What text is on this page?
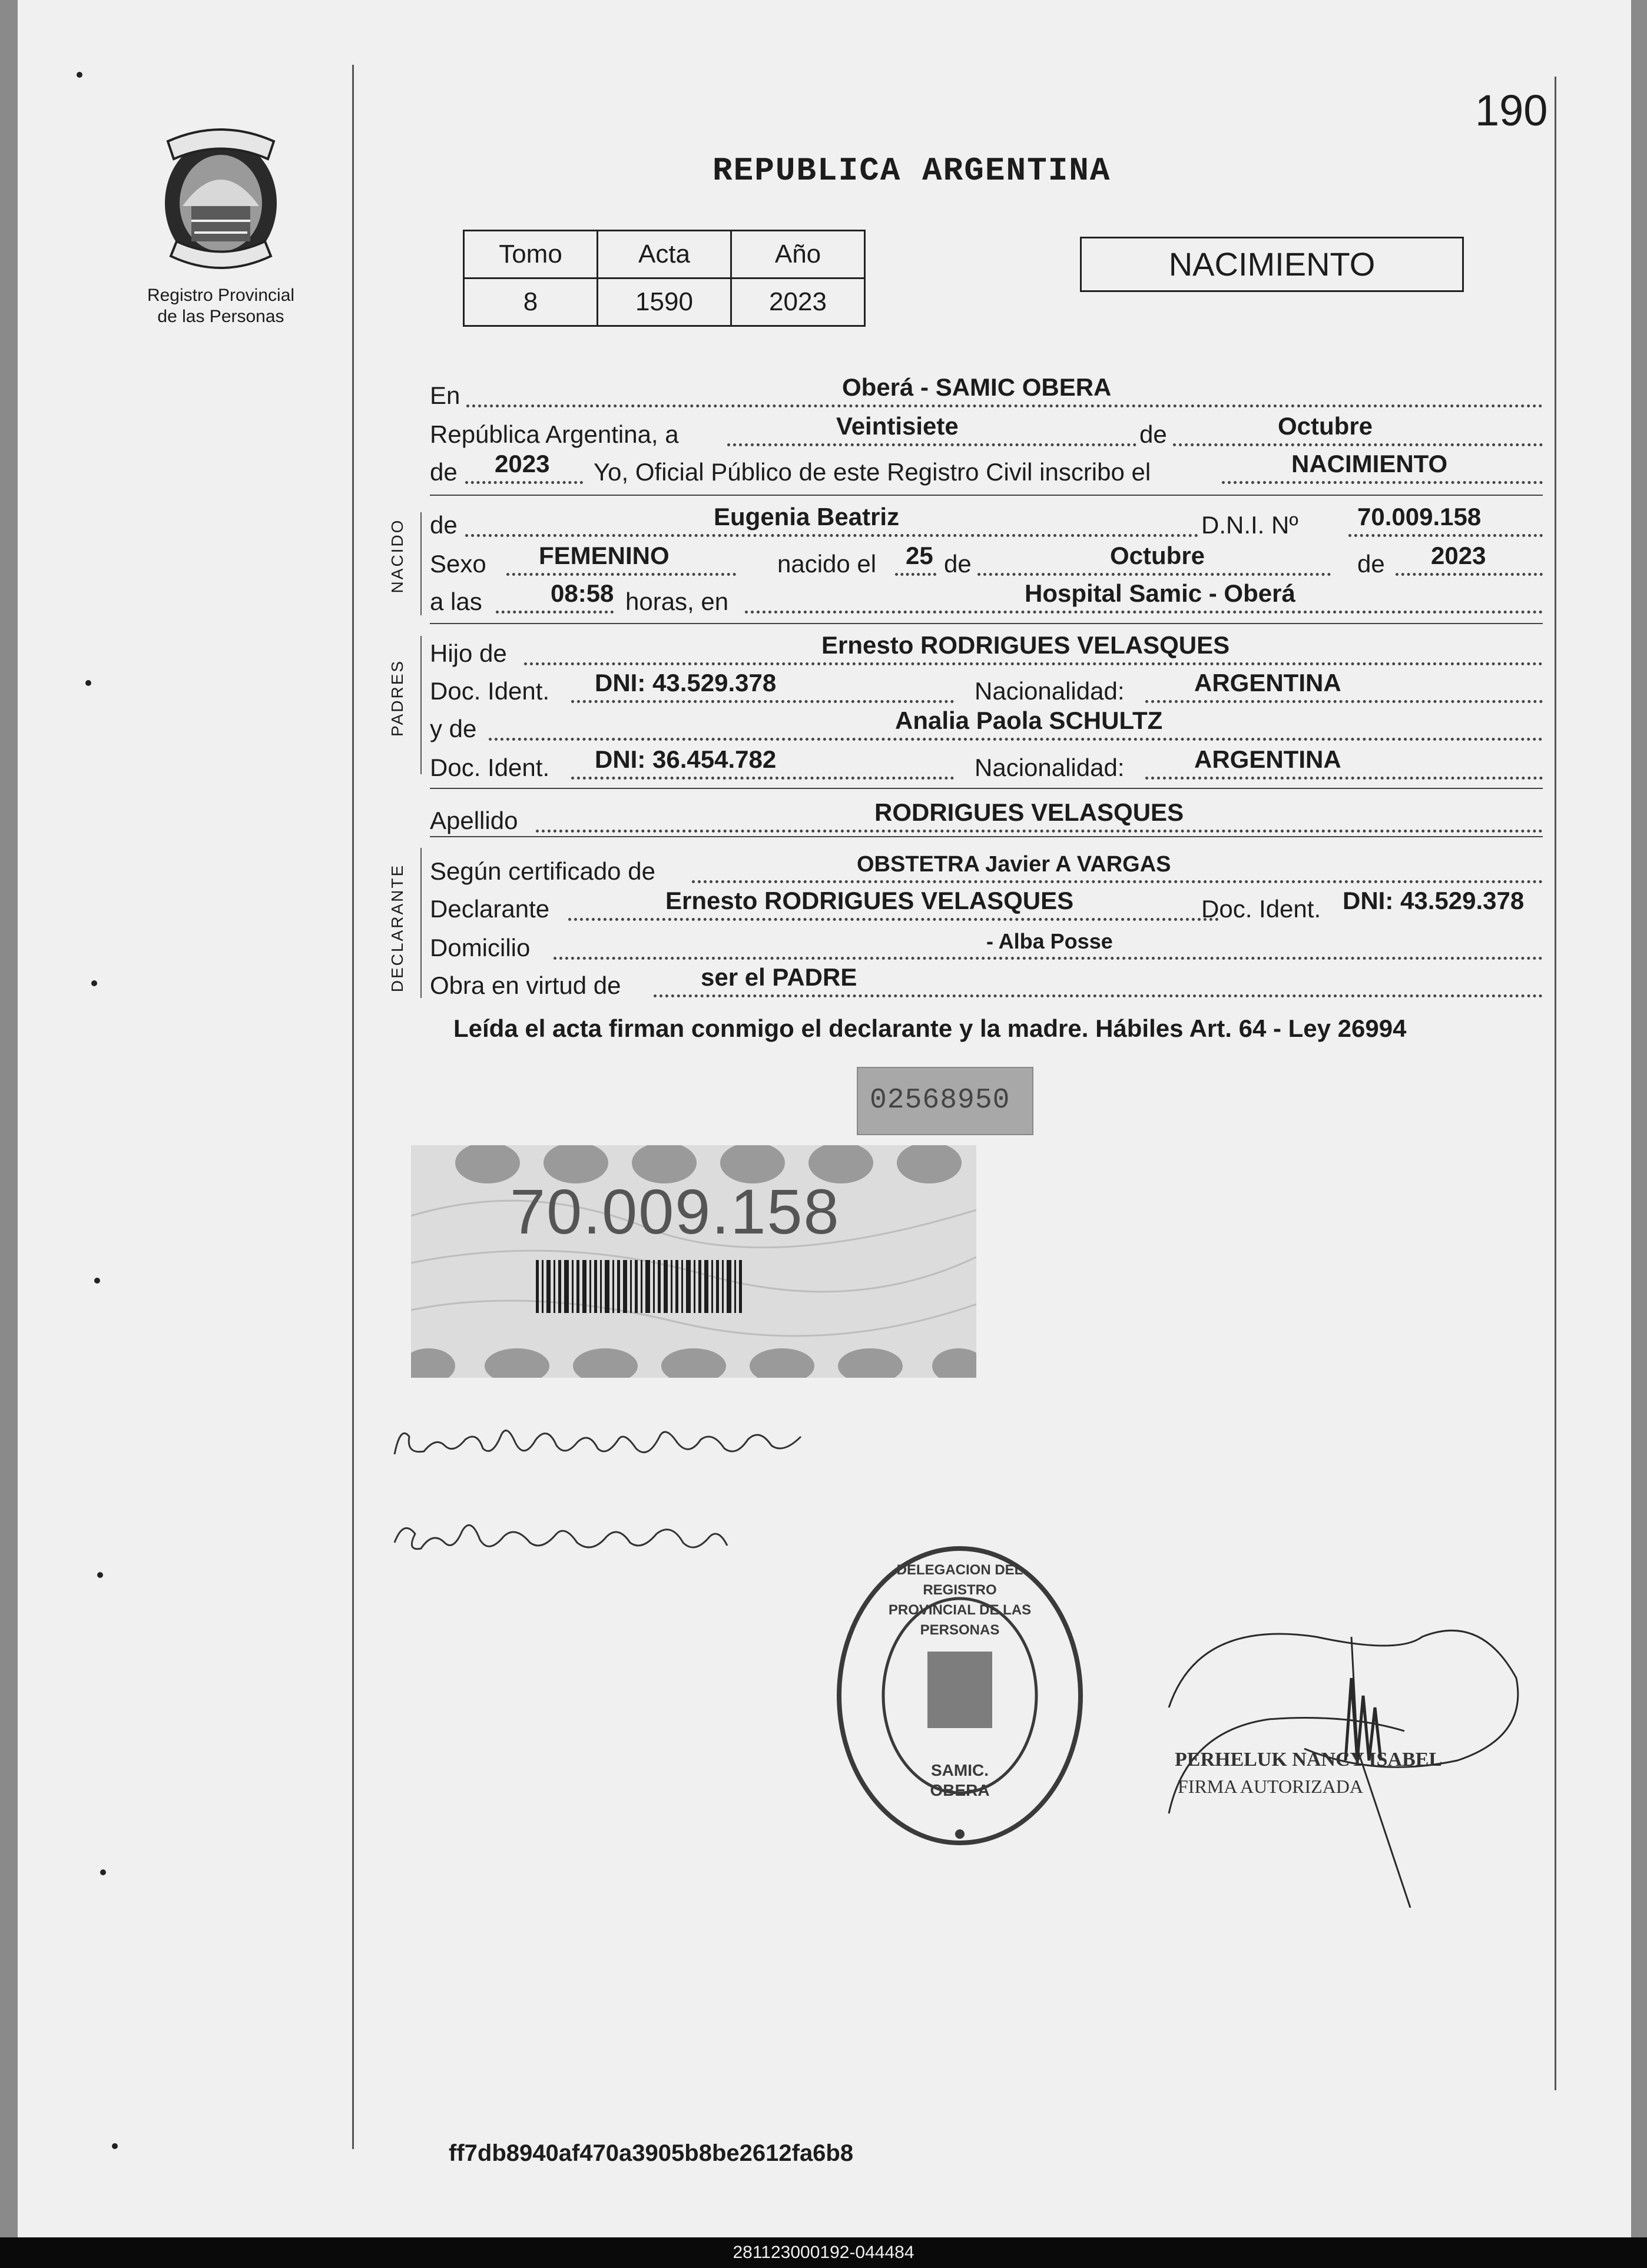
Registro Provincial
de las Personas
190
REPUBLICA ARGENTINA
Tomo	Acta	Año
8	1590	2023
NACIMIENTO
En	Oberá - SAMIC OBERA
República Argentina, a	Veintisiete	de	Octubre
de 2023 Yo, Oficial Público de este Registro Civil inscribo el	NACIMIENTO
NACIDO de	Eugenia Beatriz	D.N.I. Nº 70.009.158
Sexo FEMENINO	nacido el 25 de	Octubre	de 2023
a las	08:58 horas, en	Hospital Samic - Oberá
PADRES
Hijo de	Ernesto RODRIGUES VELASQUES
Doc. Ident. DNI: 43.529.378	Nacionalidad:	ARGENTINA
y de	Analia Paola SCHULTZ
Doc. Ident. DNI: 36.454.782	Nacionalidad:	ARGENTINA
Apellido	RODRIGUES VELASQUES
DECLARANTE Según certificado de	OBSTETRA Javier A VARGAS
Declarante	Ernesto RODRIGUES VELASQUES	Doc. Ident. DNI: 43.529.378
Domicilio	- Alba Posse
Obra en virtud de	ser el PADRE
Leída el acta firman conmigo el declarante y la madre. Hábiles Art. 64 - Ley 26994
02568950
70.009.158
DELEGACION DEL REGISTRO PROVINCIAL DE LAS PERSONAS
SAMIC. OBERA
PERHELUK NANCY ISABEL
FIRMA AUTORIZADA
ff7db8940af470a3905b8be2612fa6b8
281123000192-044484
